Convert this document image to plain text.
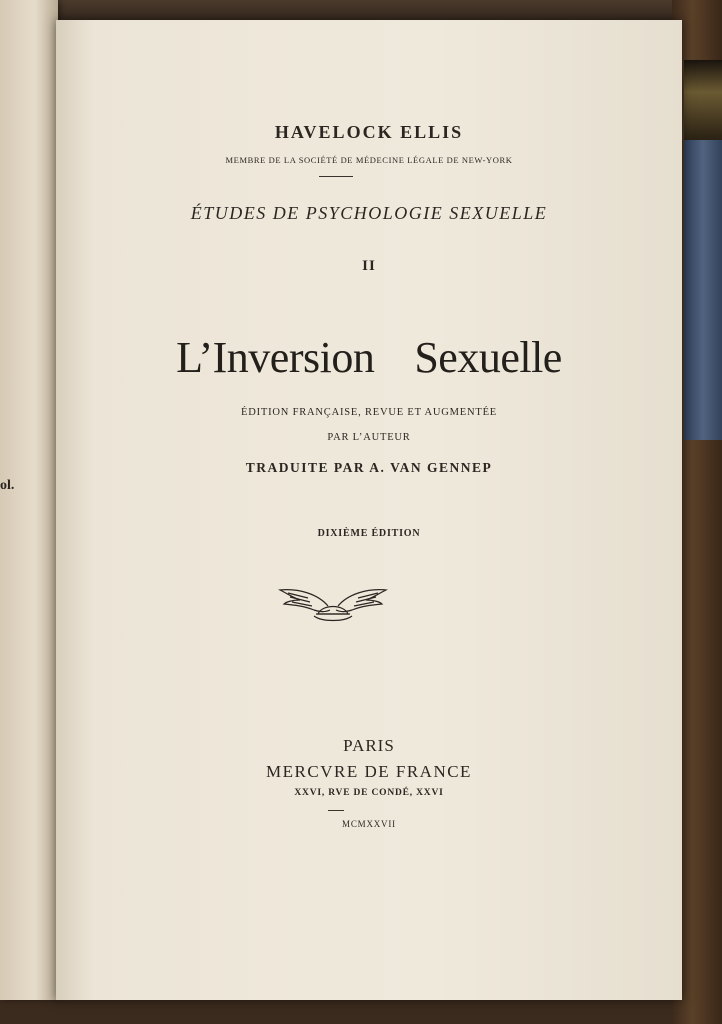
ol.
HAVELOCK ELLIS
MEMBRE DE LA SOCIÉTÉ DE MÉDECINE LÉGALE DE NEW-YORK
ÉTUDES DE PSYCHOLOGIE SEXUELLE
II
L’Inversion Sexuelle
ÉDITION FRANÇAISE, REVUE ET AUGMENTÉE
PAR L’AUTEUR
TRADUITE PAR A. VAN GENNEP
DIXIÈME ÉDITION
PARIS
MERCVRE DE FRANCE
XXVI, RVE DE CONDÉ, XXVI
MCMXXVII
